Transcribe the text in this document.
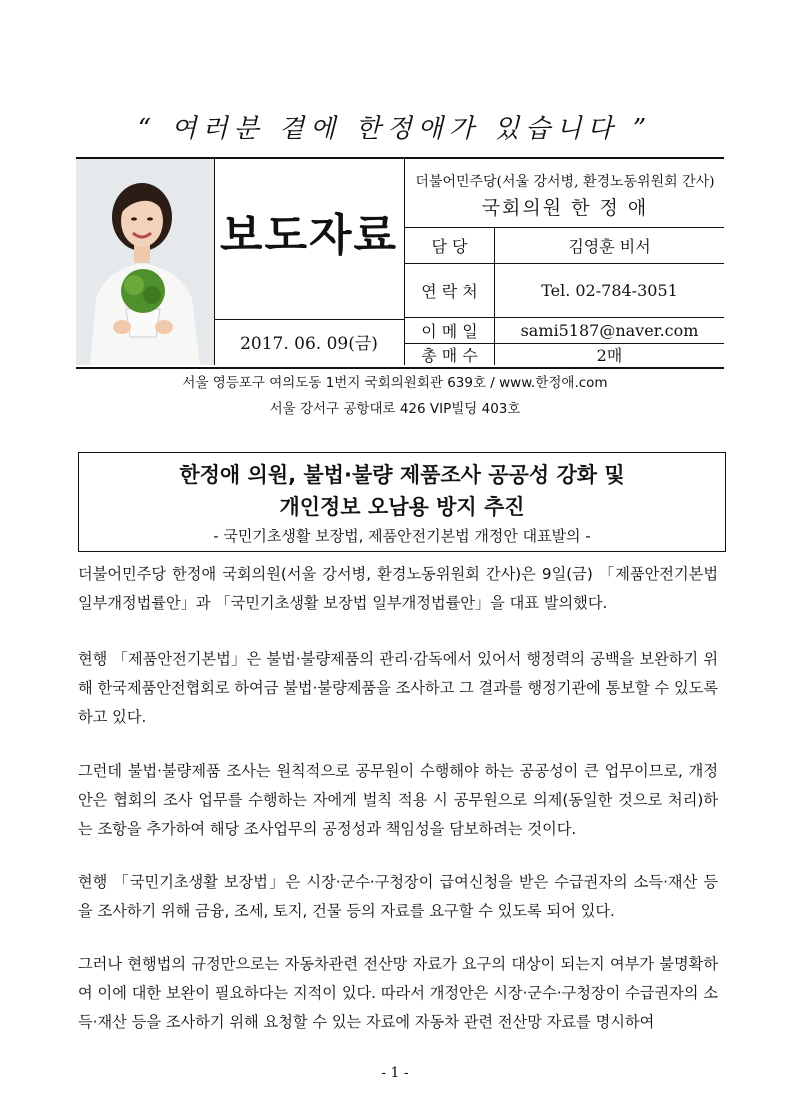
“ 여러분 곁에 한정애가 있습니다 ”
보도자료
2017. 06. 09(금)
더불어민주당(서울 강서병, 환경노동위원회 간사)
국회의원 한 정 애
담 당	김영훈 비서
연 락 처	Tel. 02-784-3051
이 메 일	sami5187@naver.com
총 매 수	2매
서울 영등포구 여의도동 1번지 국회의원회관 639호 / www.한정애.com
서울 강서구 공항대로 426 VIP빌딩 403호
한정애 의원, 불법·불량 제품조사 공공성 강화 및
개인정보 오남용 방지 추진
- 국민기초생활 보장법, 제품안전기본법 개정안 대표발의 -

더불어민주당 한정애 국회의원(서울 강서병, 환경노동위원회 간사)은 9일(금) 「제품안전기본법 일부개정법률안」과 「국민기초생활 보장법 일부개정법률안」을 대표 발의했다.

현행 「제품안전기본법」은 불법·불량제품의 관리·감독에서 있어서 행정력의 공백을 보완하기 위해 한국제품안전협회로 하여금 불법·불량제품을 조사하고 그 결과를 행정기관에 통보할 수 있도록 하고 있다.

그런데 불법·불량제품 조사는 원칙적으로 공무원이 수행해야 하는 공공성이 큰 업무이므로, 개정안은 협회의 조사 업무를 수행하는 자에게 벌칙 적용 시 공무원으로 의제(동일한 것으로 처리)하는 조항을 추가하여 해당 조사업무의 공정성과 책임성을 담보하려는 것이다.

현행 「국민기초생활 보장법」은 시장·군수·구청장이 급여신청을 받은 수급권자의 소득·재산 등을 조사하기 위해 금융, 조세, 토지, 건물 등의 자료를 요구할 수 있도록 되어 있다.

그러나 현행법의 규정만으로는 자동차관련 전산망 자료가 요구의 대상이 되는지 여부가 불명확하여 이에 대한 보완이 필요하다는 지적이 있다. 따라서 개정안은 시장·군수·구청장이 수급권자의 소득·재산 등을 조사하기 위해 요청할 수 있는 자료에 자동차 관련 전산망 자료를 명시하여

- 1 -
